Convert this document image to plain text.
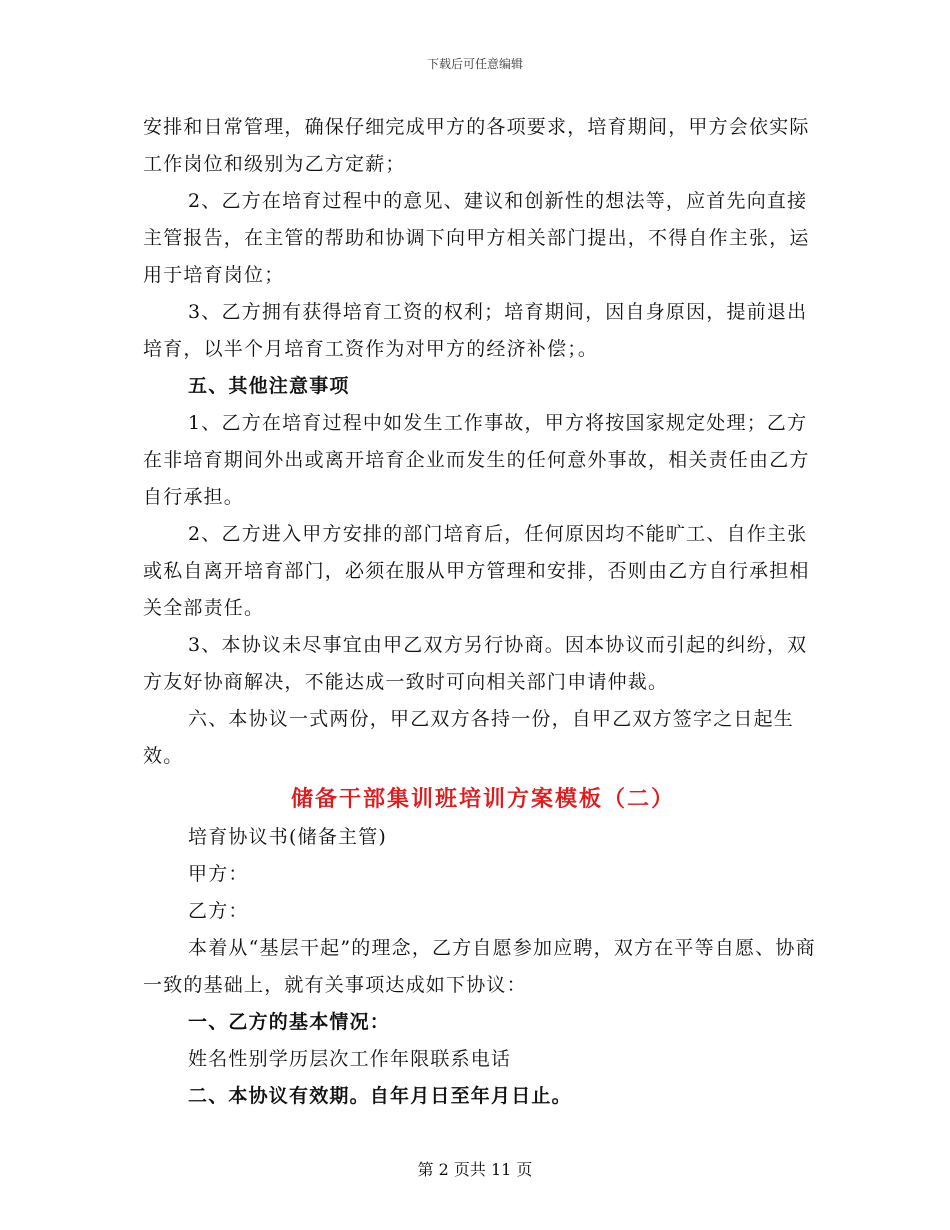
下载后可任意编辑

安排和日常管理，确保仔细完成甲方的各项要求，培育期间，甲方会依实际工作岗位和级别为乙方定薪；

2、乙方在培育过程中的意见、建议和创新性的想法等，应首先向直接主管报告，在主管的帮助和协调下向甲方相关部门提出，不得自作主张，运用于培育岗位；

3、乙方拥有获得培育工资的权利；培育期间，因自身原因，提前退出培育，以半个月培育工资作为对甲方的经济补偿；。

五、其他注意事项

1、乙方在培育过程中如发生工作事故，甲方将按国家规定处理；乙方在非培育期间外出或离开培育企业而发生的任何意外事故，相关责任由乙方自行承担。

2、乙方进入甲方安排的部门培育后，任何原因均不能旷工、自作主张或私自离开培育部门，必须在服从甲方管理和安排，否则由乙方自行承担相关全部责任。

3、本协议未尽事宜由甲乙双方另行协商。因本协议而引起的纠纷，双方友好协商解决，不能达成一致时可向相关部门申请仲裁。

六、本协议一式两份，甲乙双方各持一份，自甲乙双方签字之日起生效。

储备干部集训班培训方案模板（二）

培育协议书(储备主管)

甲方：

乙方：

本着从“基层干起”的理念，乙方自愿参加应聘，双方在平等自愿、协商一致的基础上，就有关事项达成如下协议：

一、乙方的基本情况：

姓名性别学历层次工作年限联系电话

二、本协议有效期。自年月日至年月日止。

第 2 页共 11 页
